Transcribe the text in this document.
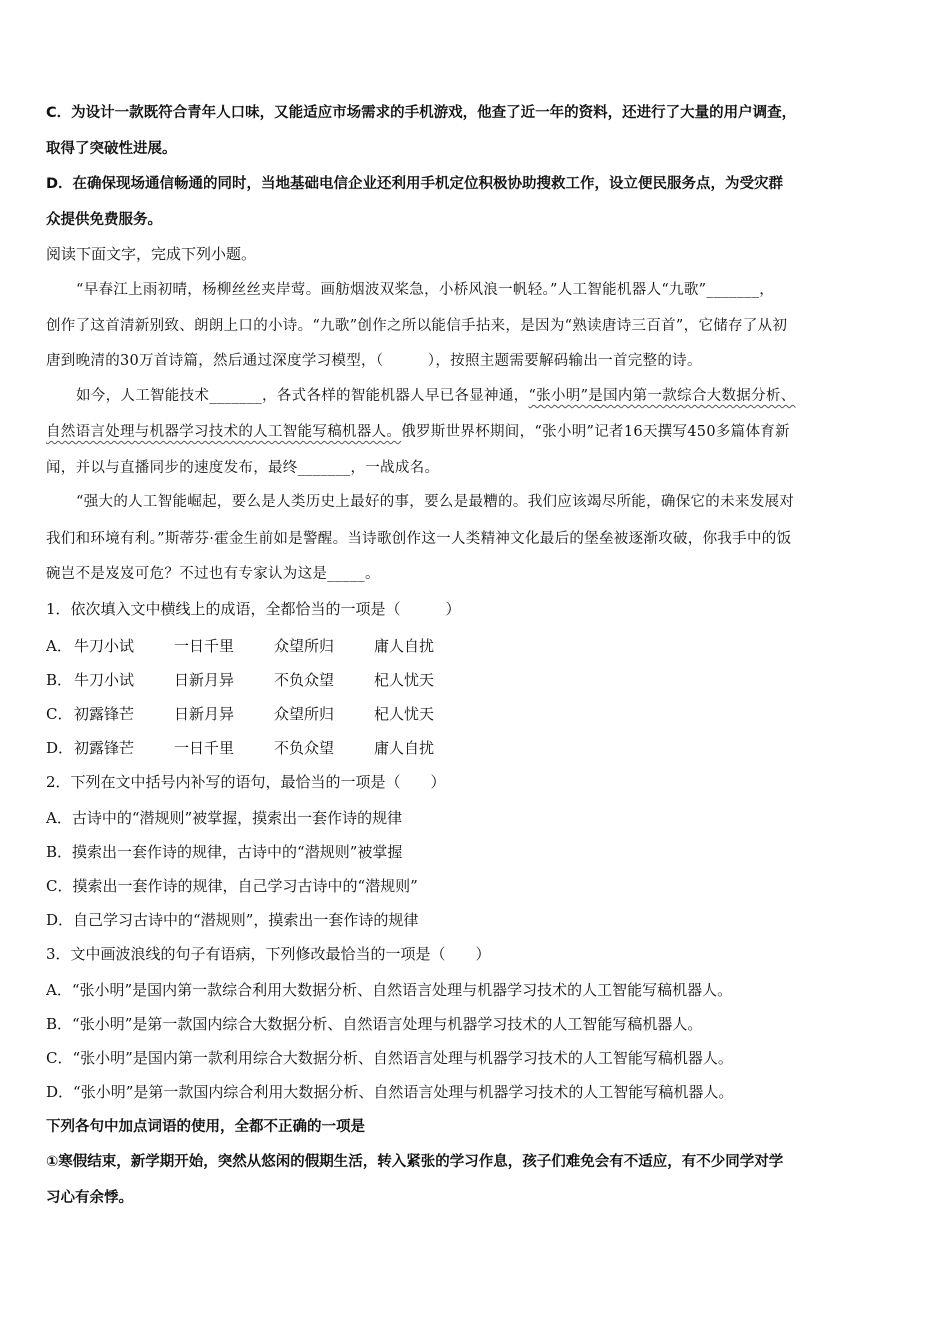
C．为设计一款既符合青年人口味，又能适应市场需求的手机游戏，他查了近一年的资料，还进行了大量的用户调查，
取得了突破性进展。
D．在确保现场通信畅通的同时，当地基础电信企业还利用手机定位积极协助搜救工作，设立便民服务点，为受灾群
众提供免费服务。
阅读下面文字，完成下列小题。
“早春江上雨初晴，杨柳丝丝夹岸莺。画舫烟波双桨急，小桥风浪一帆轻。”人工智能机器人“九歌”_______，
创作了这首清新别致、朗朗上口的小诗。“九歌”创作之所以能信手拈来，是因为“熟读唐诗三百首”，它储存了从初
唐到晚清的30万首诗篇，然后通过深度学习模型，（　　　），按照主题需要解码输出一首完整的诗。
如今，人工智能技术_______，各式各样的智能机器人早已各显神通，“张小明”是国内第一款综合大数据分析、
自然语言处理与机器学习技术的人工智能写稿机器人。俄罗斯世界杯期间，“张小明”记者16天撰写450多篇体育新
闻，并以与直播同步的速度发布，最终_______，一战成名。
“强大的人工智能崛起，要么是人类历史上最好的事，要么是最糟的。我们应该竭尽所能，确保它的未来发展对
我们和环境有利。”斯蒂芬·霍金生前如是警醒。当诗歌创作这一人类精神文化最后的堡垒被逐渐攻破，你我手中的饭
碗岂不是岌岌可危？不过也有专家认为这是_____。
1．依次填入文中横线上的成语，全都恰当的一项是（　　　）
A． 牛刀小试	一日千里	众望所归	庸人自扰
B． 牛刀小试	日新月异	不负众望	杞人忧天
C． 初露锋芒	日新月异	众望所归	杞人忧天
D．初露锋芒	一日千里	不负众望	庸人自扰
2．下列在文中括号内补写的语句，最恰当的一项是（　　）
A．古诗中的“潜规则”被掌握，摸索出一套作诗的规律
B．摸索出一套作诗的规律，古诗中的“潜规则”被掌握
C．摸索出一套作诗的规律，自己学习古诗中的“潜规则”
D．自己学习古诗中的“潜规则”，摸索出一套作诗的规律
3．文中画波浪线的句子有语病，下列修改最恰当的一项是（　　）
A．“张小明”是国内第一款综合利用大数据分析、自然语言处理与机器学习技术的人工智能写稿机器人。
B．“张小明”是第一款国内综合大数据分析、自然语言处理与机器学习技术的人工智能写稿机器人。
C．“张小明”是国内第一款利用综合大数据分析、自然语言处理与机器学习技术的人工智能写稿机器人。
D．“张小明”是第一款国内综合利用大数据分析、自然语言处理与机器学习技术的人工智能写稿机器人。
下列各句中加点词语的使用，全都不正确的一项是
①寒假结束，新学期开始，突然从悠闲的假期生活，转入紧张的学习作息，孩子们难免会有不适应，有不少同学对学
习心有余悸。
